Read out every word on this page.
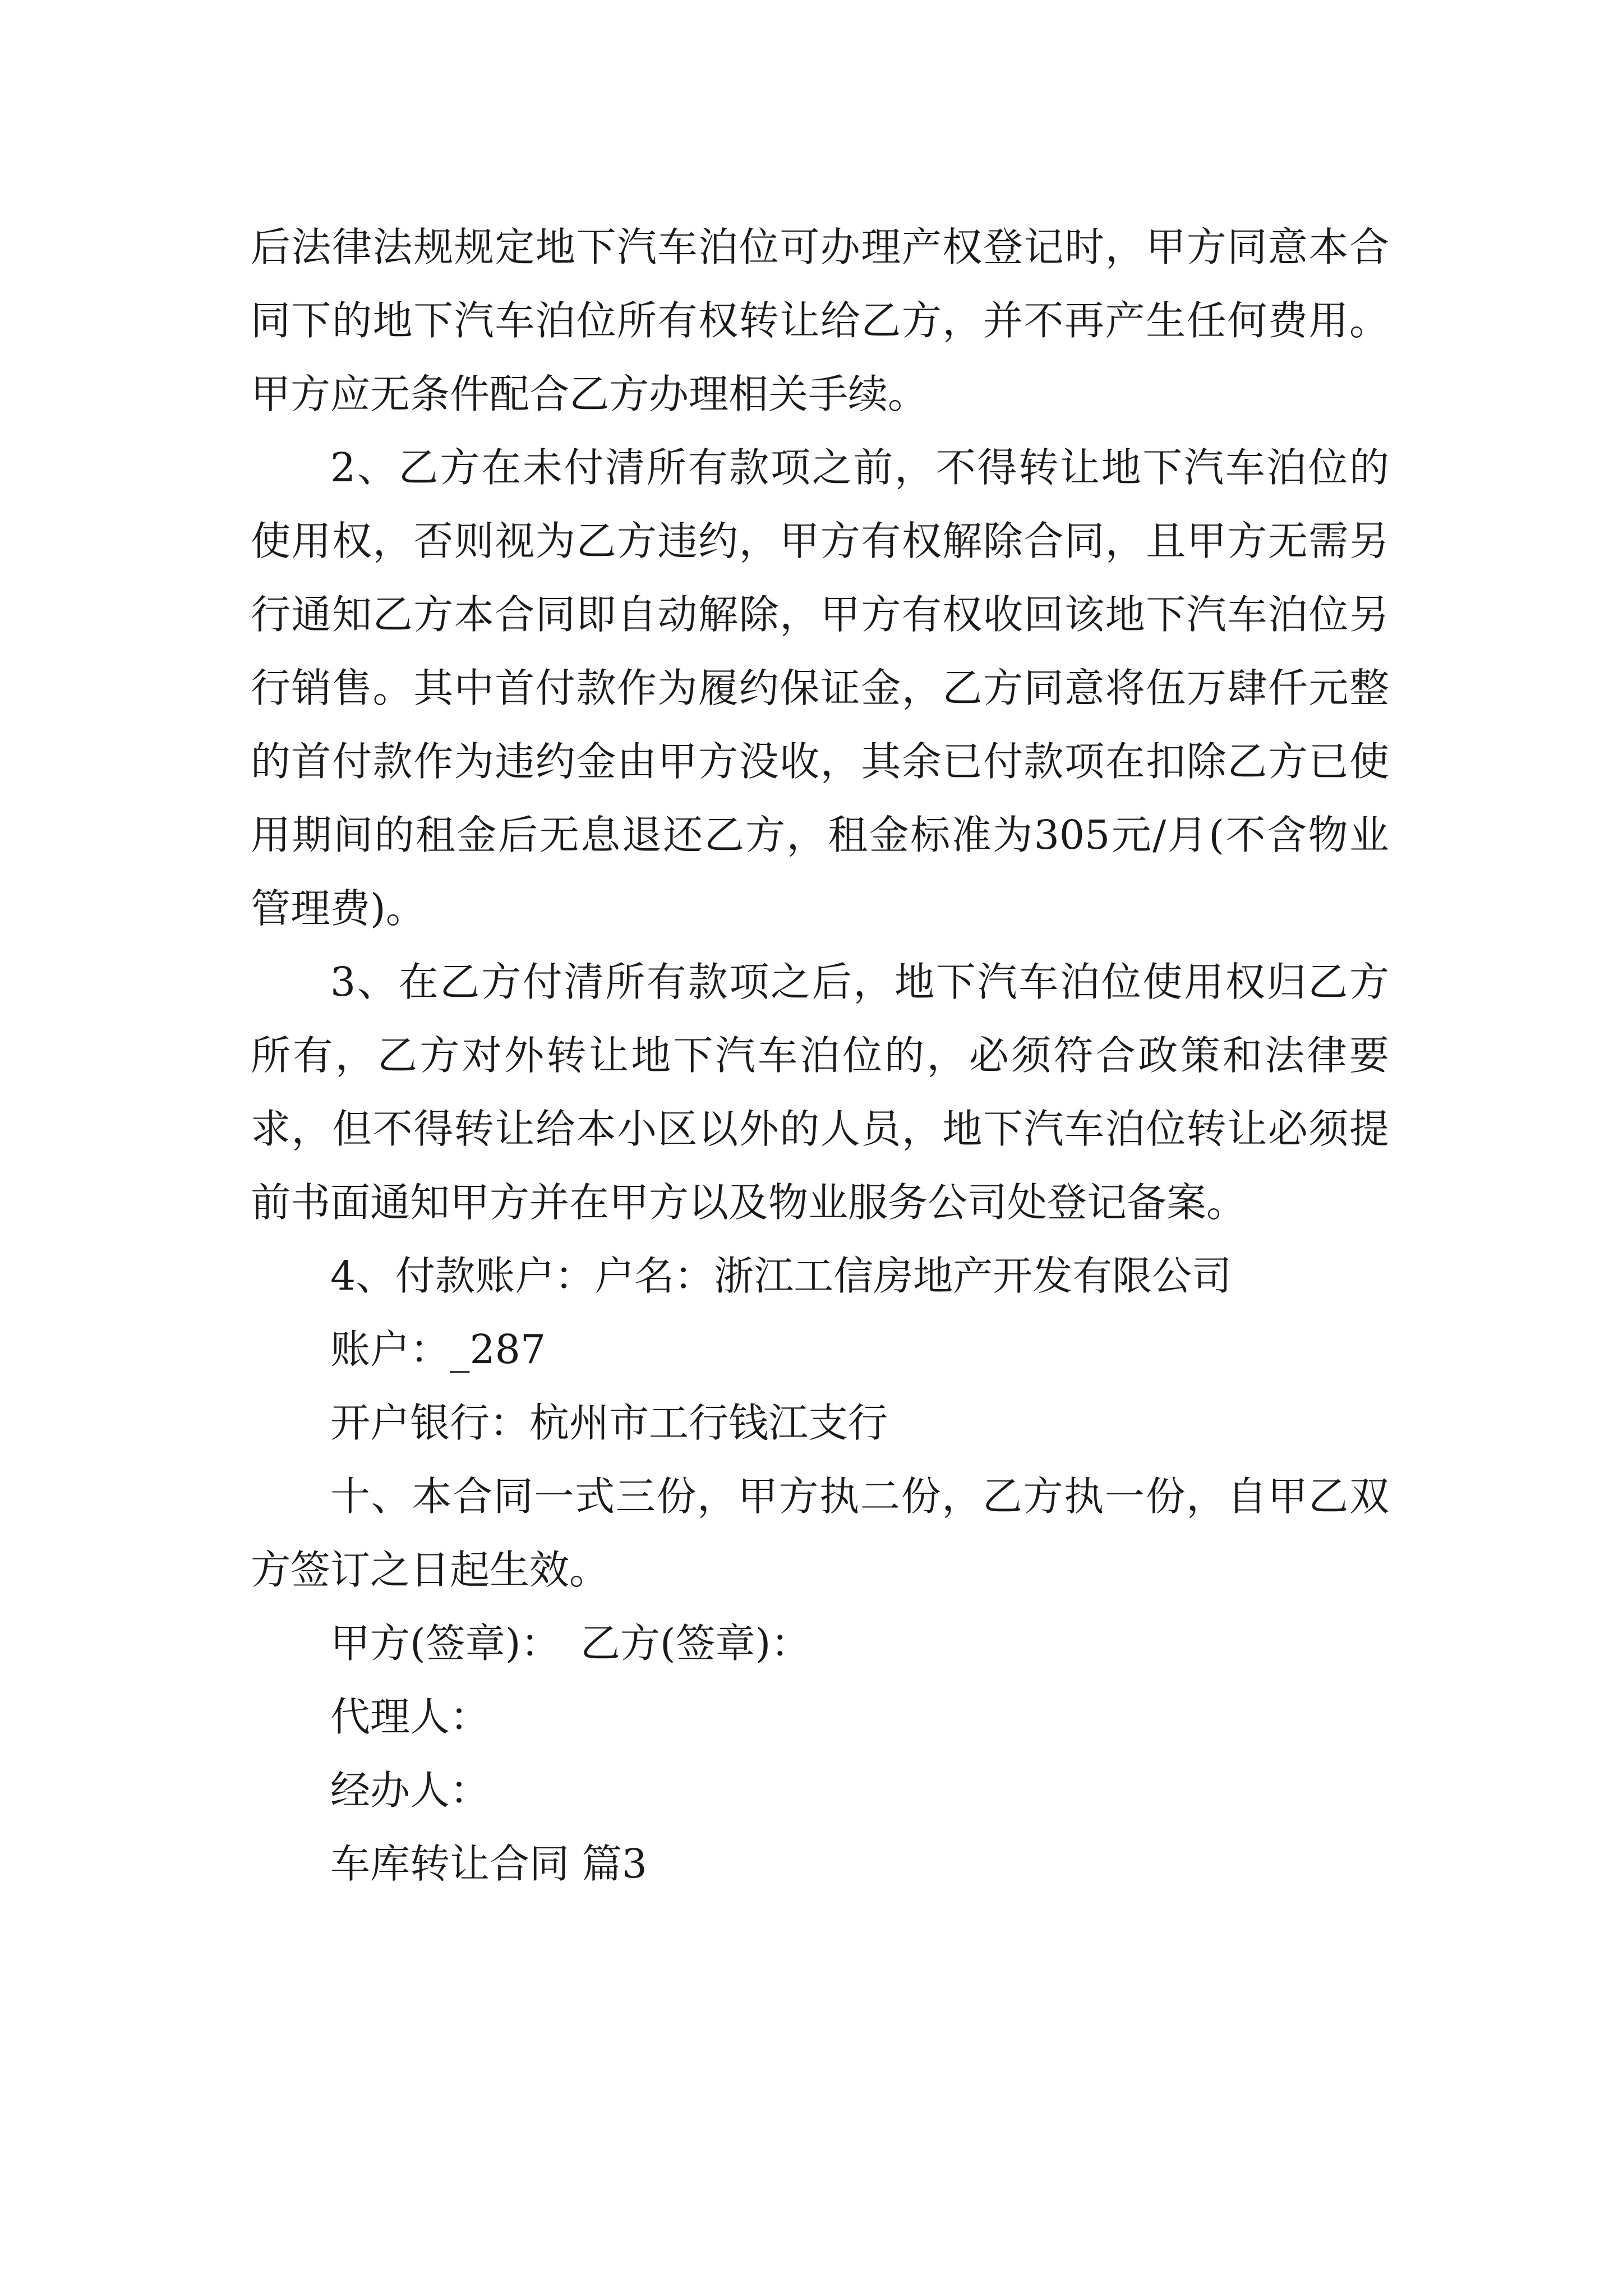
后法律法规规定地下汽车泊位可办理产权登记时，甲方同意本合同下的地下汽车泊位所有权转让给乙方，并不再产生任何费用。甲方应无条件配合乙方办理相关手续。

2、乙方在未付清所有款项之前，不得转让地下汽车泊位的使用权，否则视为乙方违约，甲方有权解除合同，且甲方无需另行通知乙方本合同即自动解除，甲方有权收回该地下汽车泊位另行销售。其中首付款作为履约保证金，乙方同意将伍万肆仟元整的首付款作为违约金由甲方没收，其余已付款项在扣除乙方已使用期间的租金后无息退还乙方，租金标准为305元/月(不含物业管理费)。

3、在乙方付清所有款项之后，地下汽车泊位使用权归乙方所有，乙方对外转让地下汽车泊位的，必须符合政策和法律要求，但不得转让给本小区以外的人员，地下汽车泊位转让必须提前书面通知甲方并在甲方以及物业服务公司处登记备案。

4、付款账户：户名：浙江工信房地产开发有限公司

账户：_287

开户银行：杭州市工行钱江支行

十、本合同一式三份，甲方执二份，乙方执一份，自甲乙双方签订之日起生效。

甲方(签章)：　乙方(签章)：

代理人：

经办人：

车库转让合同 篇3
